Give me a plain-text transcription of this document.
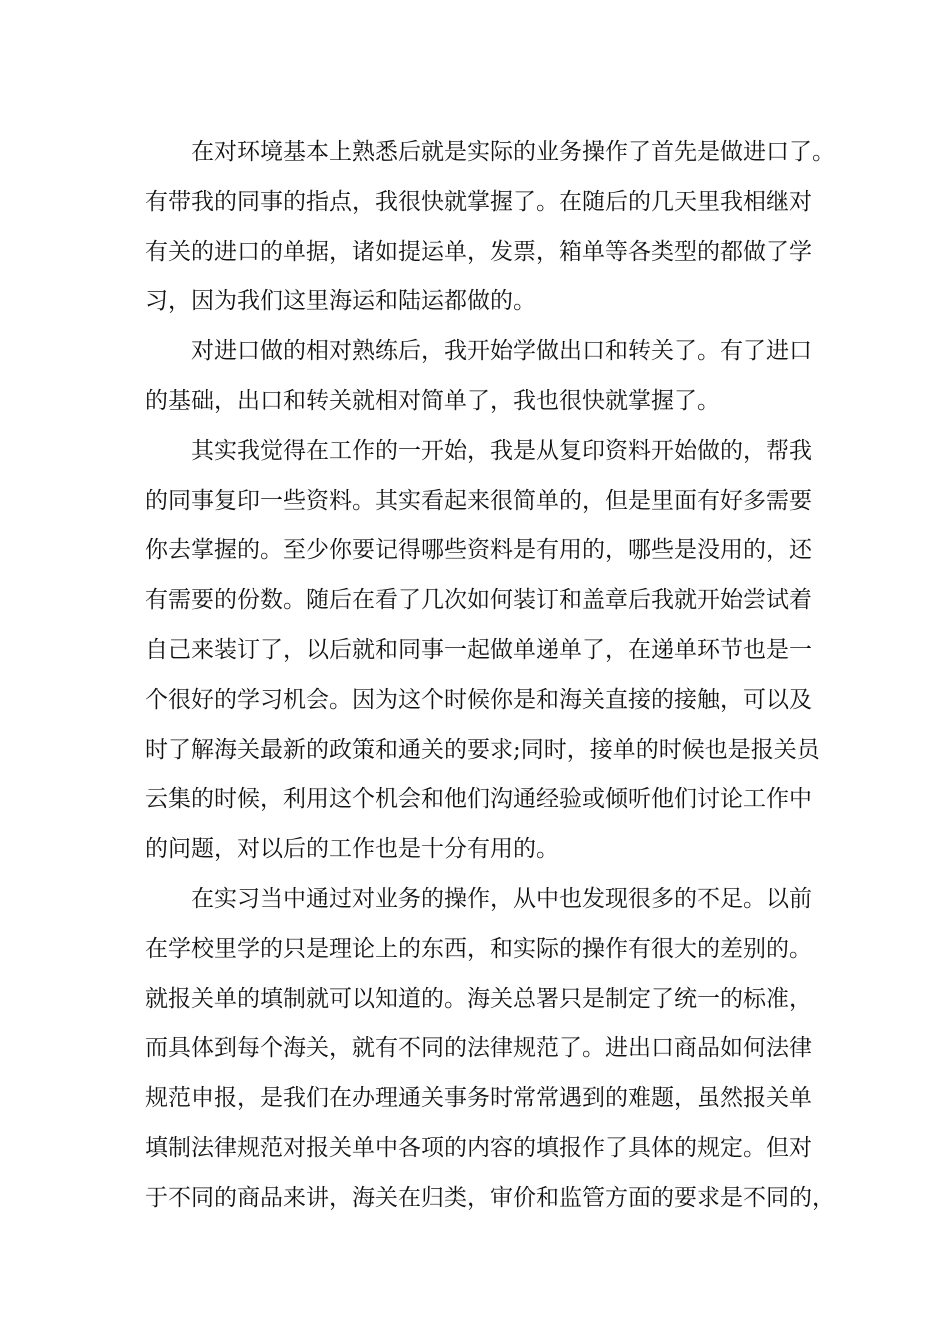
在对环境基本上熟悉后就是实际的业务操作了首先是做进口了。
有带我的同事的指点，我很快就掌握了。在随后的几天里我相继对
有关的进口的单据，诸如提运单，发票，箱单等各类型的都做了学
习，因为我们这里海运和陆运都做的。
对进口做的相对熟练后，我开始学做出口和转关了。有了进口
的基础，出口和转关就相对简单了，我也很快就掌握了。
其实我觉得在工作的一开始，我是从复印资料开始做的，帮我
的同事复印一些资料。其实看起来很简单的，但是里面有好多需要
你去掌握的。至少你要记得哪些资料是有用的，哪些是没用的，还
有需要的份数。随后在看了几次如何装订和盖章后我就开始尝试着
自己来装订了，以后就和同事一起做单递单了，在递单环节也是一
个很好的学习机会。因为这个时候你是和海关直接的接触，可以及
时了解海关最新的政策和通关的要求;同时，接单的时候也是报关员
云集的时候，利用这个机会和他们沟通经验或倾听他们讨论工作中
的问题，对以后的工作也是十分有用的。
在实习当中通过对业务的操作，从中也发现很多的不足。以前
在学校里学的只是理论上的东西，和实际的操作有很大的差别的。
就报关单的填制就可以知道的。海关总署只是制定了统一的标准，
而具体到每个海关，就有不同的法律规范了。进出口商品如何法律
规范申报，是我们在办理通关事务时常常遇到的难题，虽然报关单
填制法律规范对报关单中各项的内容的填报作了具体的规定。但对
于不同的商品来讲，海关在归类，审价和监管方面的要求是不同的，
